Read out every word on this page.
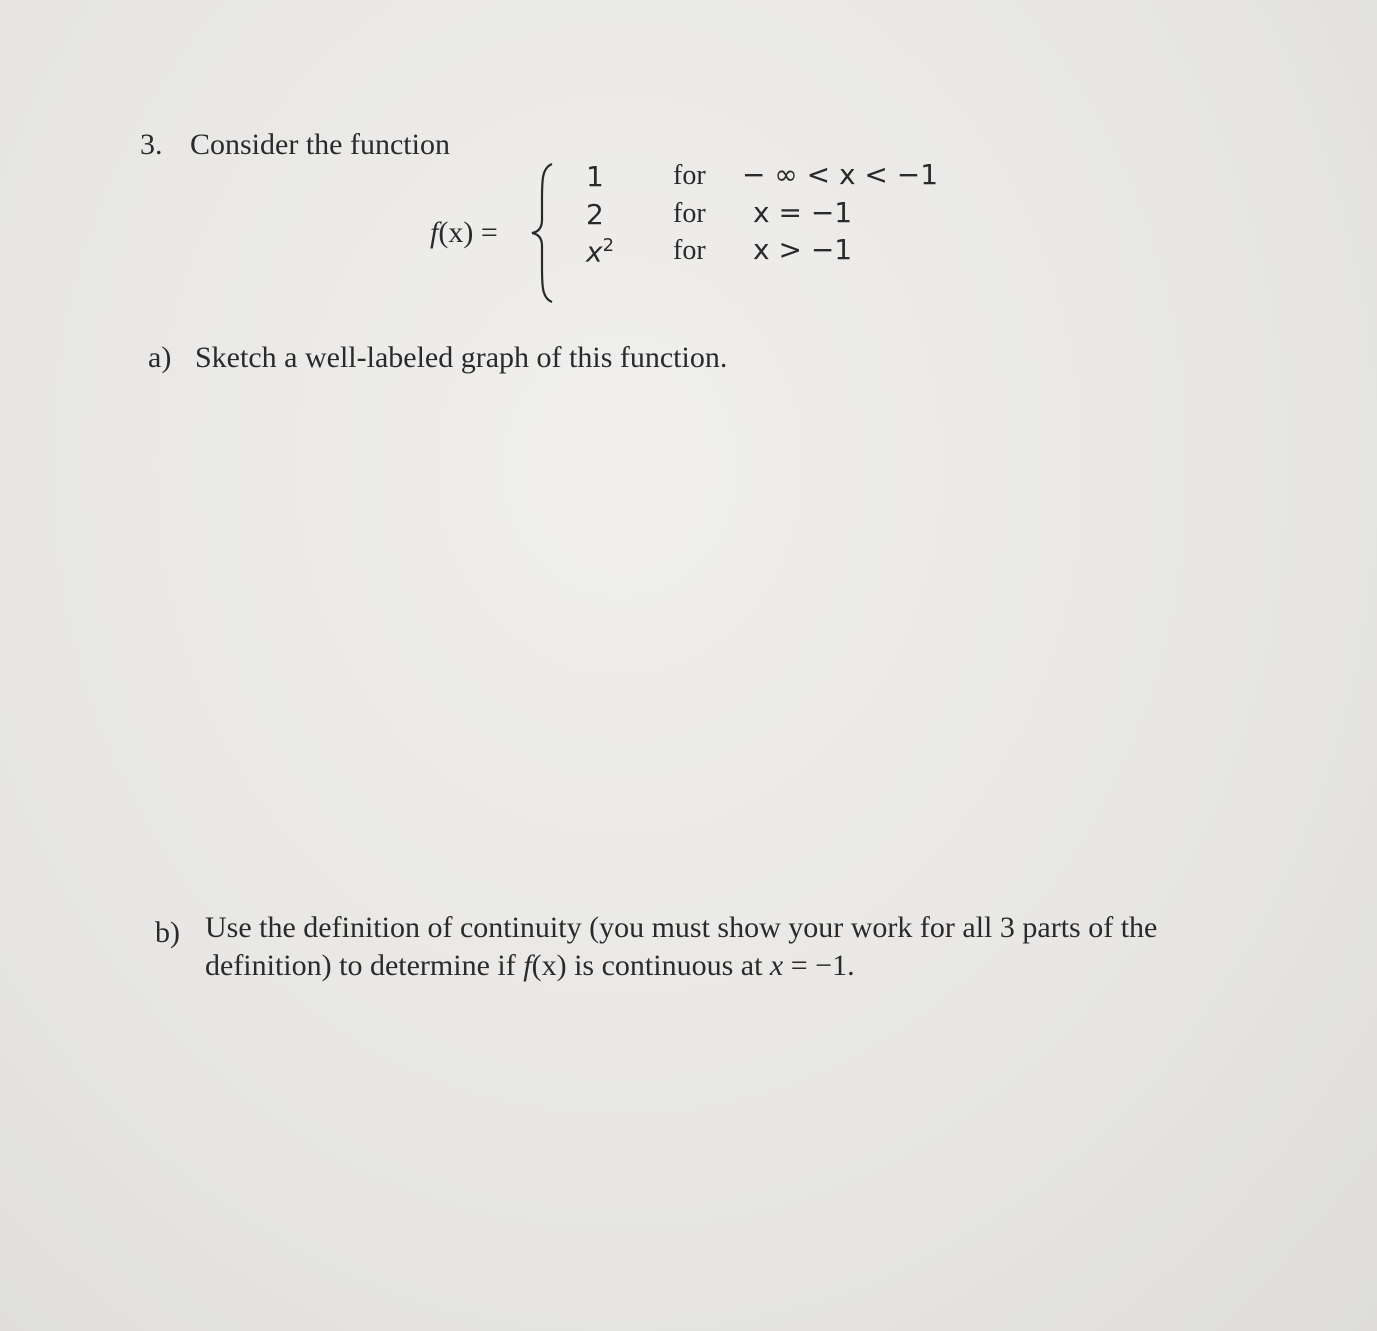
3. Consider the function
f(x) =
1
2
$x^2$
for
for
for
− ∞ < x < −1
x = −1
x > −1
a) Sketch a well-labeled graph of this function.
b) Use the definition of continuity (you must show your work for all 3 parts of the
definition) to determine if f(x) is continuous at x = −1.
